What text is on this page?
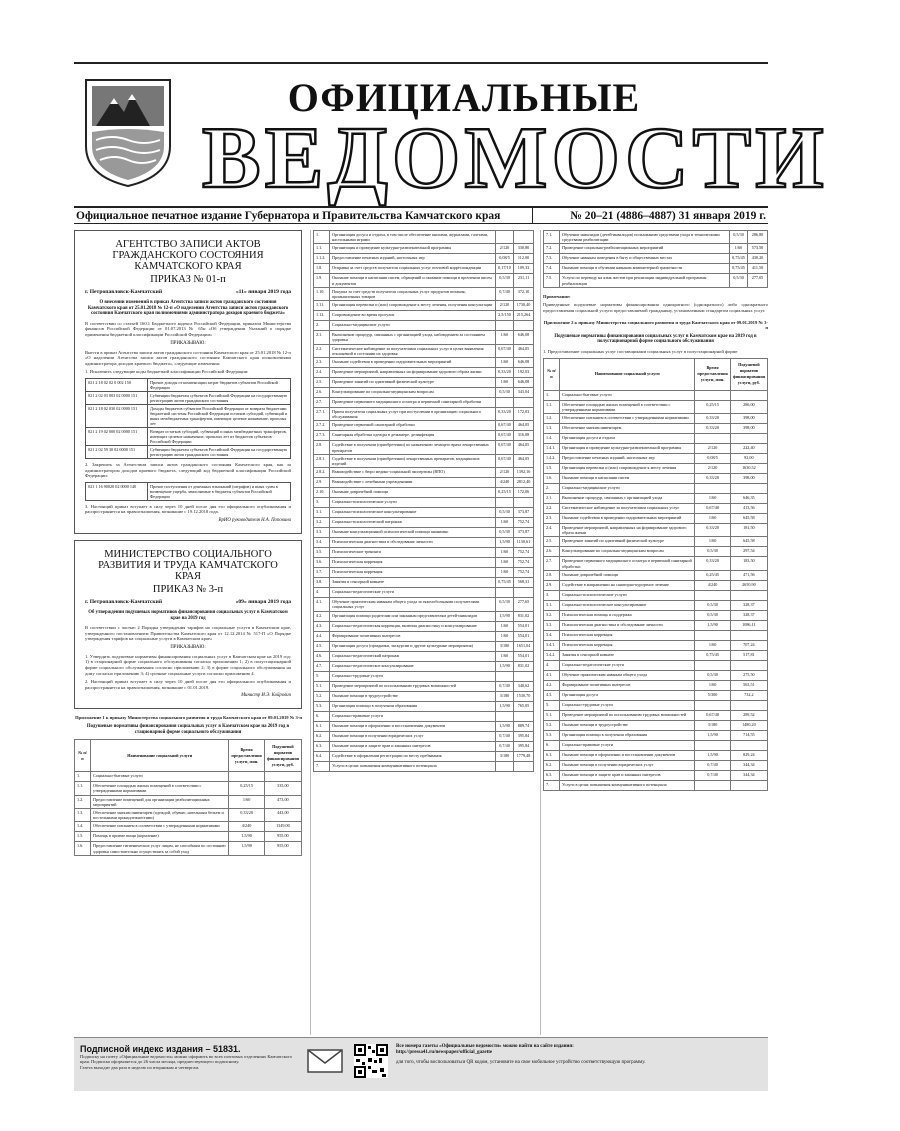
ОФИЦИАЛЬНЫЕ
ВЕДОМОСТИ
Официальное печатное издание Губернатора и Правительства Камчатского края	№ 20–21 (4886–4887) 31 января 2019 г.
АГЕНТСТВО ЗАПИСИ АКТОВ ГРАЖДАНСКОГО СОСТОЯНИЯ КАМЧАТСКОГО КРАЯ
ПРИКАЗ № 01-п
г. Петропавловск-Камчатский	«11» января 2019 года
О внесении изменений в приказ Агентства записи актов гражданского состояния Камчатского края от 25.01.2018 № 12-п «О наделении Агентства записи актов гражданского состояния Камчатского края полномочиями администратора доходов краевого бюджета»
В соответствии со статьей 160.1 Бюджетного кодекса Российской Федерации, приказом Министерства финансов Российской Федерации от 01.07.2013 № 65н «Об утверждении Указаний о порядке применения бюджетной классификации Российской Федерации»
ПРИКАЗЫВАЮ:
Внести в приказ Агентства записи актов гражданского состояния Камчатского края от 25.01.2018 № 12-п «О наделении Агентства записи актов гражданского состояния Камчатского края полномочиями администратора доходов краевого бюджета», следующие изменения:
1. Исключить следующие коды бюджетной классификации Российской Федерации:
021 2 18 02 02 0 002 150	Прочие доходы от компенсации затрат бюджетов субъектов Российской Федерации
021 2 02 03 003 02 0000 151	Субвенции бюджетам субъектов Российской Федерации на государственную регистрацию актов гражданского состояния
021 2 18 02 030 02 0000 151	Доходы бюджетов субъектов Российской Федерации от возврата бюджетами бюджетной системы Российской Федерации остатков субсидий, субвенций и иных межбюджетных трансфертов, имеющих целевое назначение, прошлых лет
021 2 19 02 000 02 0000 151	Возврат остатков субсидий, субвенций и иных межбюджетных трансфертов, имеющих целевое назначение, прошлых лет из бюджетов субъектов Российской Федерации
021 2 02 59 30 02 0000 151	Субвенции бюджетам субъектов Российской Федерации на государственную регистрацию актов гражданского состояния
2. Закрепить за Агентством записи актов гражданского состояния Камчатского края, как за администратором доходов краевого бюджета, следующий код бюджетной классификации Российской Федерации:
021 1 16 90020 02 0000 140	Прочие поступления от денежных взысканий (штрафов) и иных сумм в возмещение ущерба, зачисляемые в бюджеты субъектов Российской Федерации
3. Настоящий приказ вступает в силу через 10 дней после дня его официального опубликования и распространяется на правоотношения, возникшие с 19.12.2018 года.
ВрИО руководителя Н.А. Поповина
МИНИСТЕРСТВО СОЦИАЛЬНОГО РАЗВИТИЯ И ТРУДА КАМЧАТСКОГО КРАЯ
ПРИКАЗ № 3-п
г. Петропавловск-Камчатский	«09» января 2019 года
Об утверждении подушевых нормативов финансирования социальных услуг в Камчатском крае на 2019 год
В соответствии с частью 2 Порядка утверждения тарифов на социальные услуги в Камчатском крае, утвержденного постановлением Правительства Камчатского края от 12.12.2014 № 517-П «О Порядке утверждения тарифов на социальные услуги в Камчатском крае»
ПРИКАЗЫВАЮ:
1. Утвердить подушевые нормативы финансирования социальных услуг в Камчатском крае на 2019 год: 1) в стационарной форме социального обслуживания согласно приложению 1; 2) в полустационарной форме социального обслуживания согласно приложению 2; 3) в форме социального обслуживания на дому согласно приложению 3; 4) срочные социальные услуги согласно приложению 4.
2. Настоящий приказ вступает в силу через 10 дней после дня его официального опубликования и распространяется на правоотношения, возникшие с 01.01.2019.
Министр И.Э. Койрович
Приложение 1 к приказу Министерства социального развития и труда Камчатского края от 09.01.2019 № 3-п
Подушевые нормативы финансирования социальных услуг в Камчатском крае на 2019 год в стационарной форме социального обслуживания
№ п/п	Наименование социальной услуги	Время предоставления услуги, мин.	Подушевой норматив финансирования услуги, руб.
1.	Социально-бытовые услуги		
1.1.	Обеспечение площадью жилых помещений в соответствии с утвержденными нормативами	0,25/15	335,00
1.2.	Предоставление помещений для организации реабилитационных мероприятий	1/60	473,00
1.3.	Обеспечение мягким инвентарем (одеждой, обувью, нательным бельем и постельными принадлежностями)	0,33/20	443,00
1.4.	Обеспечение питанием в соответствии с утвержденными нормативами	4/240	1349,00
1.5.	Помощь в приеме пищи (кормление)	1,5/90	955,00
1.6.	Предоставление гигиенических услуг лицам, не способным по состоянию здоровья самостоятельно осуществлять за собой уход	1,5/90	955,00
1.	Организация досуга и отдыха, в том числе обеспечение книгами, журналами, газетами, настольными играми		
1.1.	Организация и проведение культурно-развлекательной программы	2/120	330,80
1.1.2.	Предоставление печатных изданий, настольных игр	0,08/5	112,00
1.8.	Отправка за счет средств получателя социальных услуг почтовой корреспонденции	0,17/10	109,33
1.9.	Оказание помощи в написании писем, обращений и оказание помощи в прочтении писем и документов	0,5/30	231,11
1.10.	Покупка за счет средств получателя социальных услуг продуктов питания, промышленных товаров	0,7/40	372,10
1.11.	Организация перевозки и (или) сопровождение к месту лечения, получения консультации	2/120	1730,40
1.12.	Сопровождение во время прогулок	2,5/150	215,264
2.	Социально-медицинские услуги		
2.1.	Выполнение процедур, связанных с организацией ухода, наблюдением за состоянием здоровья	1/60	646,08
2.2.	Систематическое наблюдение за получателями социальных услуг в целях выявления отклонений в состоянии их здоровья	0,67/40	464,05
2.3.	Оказание содействия в проведении оздоровительных мероприятий	1/60	646,08
2.4.	Проведение мероприятий, направленных на формирование здорового образа жизни	0,33/20	192,03
2.5.	Проведение занятий по адаптивной физической культуре	1/60	646,08
2.6.	Консультирование по социально-медицинским вопросам	0,5/30	343,04
2.7.	Проведение первичного медицинского осмотра и первичной санитарной обработки		
2.7.1.	Прием получателя социальных услуг при поступлении в организацию социального обслуживания	0,33/20	172,03
2.7.2.	Проведение первичной санитарной обработки	0,67/40	464,05
2.7.3.	Санитарная обработка одежды в дезкамере, дезинфекция	0,67/40	316,08
2.8.	Содействие в получении (приобретении) по назначению лечащего врача лекарственных препаратов	0,67/40	464,05
2.8.1.	Содействие в получении (приобретении) лекарственных препаратов, медицинских изделий	0,67/40	464,05
2.8.2.	Взаимодействие с бюро медико-социальной экспертизы (ВПО)	2/120	1392,16
2.9.	Взаимодействие с лечебными учреждениями	4/240	2812,40
2.10.	Оказание доврачебной помощи	0,25/15	172,06
3.	Социально-психологические услуги		
3.1.	Социально-психологическое консультирование	0,5/30	373,87
3.2.	Социально-психологический патронаж	1/60	752,74
3.3.	Оказание консультационной психологической помощи анонимно	0,5/30	373,87
3.4.	Психологическая диагностика и обследование личности	1,5/90	1130,61
3.5.	Психологические тренинги	1/60	752,74
3.6.	Психологическая коррекция	1/60	752,74
3.7.	Психологическая коррекция	1/60	752,74
3.8.	Занятия в сенсорной комнате	0,75/45	568,31
4.	Социально-педагогические услуги		
4.1.	Обучение практическим навыкам общего ухода за тяжелобольными получателями социальных услуг	0,5/30	277,65
4.2.	Организация помощи родителям или законным представителям детей-инвалидов	1,5/90	831,02
4.3.	Социально-педагогическая коррекция, включая диагностику и консультирование	1/60	554,01
4.4.	Формирование позитивных интересов	1/60	554,01
4.5.	Организация досуга (праздники, экскурсии и другие культурные мероприятия)	3/180	1651,04
4.6.	Социально-педагогический патронаж	1/60	554,01
4.7.	Социально-педагогическое консультирование	1,5/90	831,02
5.	Социально-трудовые услуги		
5.1.	Проведение мероприятий по использованию трудовых возможностей	0,7/40	340,62
5.2.	Оказание помощи в трудоустройстве	3/180	1530,70
5.3.	Организация помощи в получении образования	1,5/90	765,05
6.	Социально-правовые услуги		
6.1.	Оказание помощи в оформлении и восстановлении документов	1,5/90	889,74
6.2.	Оказание помощи в получении юридических услуг	0,7/40	395,84
6.3.	Оказание помощи в защите прав и законных интересов	0,7/40	395,84
6.4.	Содействие в оформлении регистрации по месту пребывания	3/180	1779,48
7.	Услуги в целях повышения коммуникативного потенциала		
7.1.	Обучение инвалидов (детей-инвалидов) пользованию средствами ухода и техническими средствами реабилитации	0,5/30	286,80
7.2.	Проведение социально-реабилитационных мероприятий	1/60	573,50
7.3.	Обучение навыкам поведения в быту и общественных местах	0,75/45	430,20
7.4.	Оказание помощи в обучении навыкам компьютерной грамотности	0,75/45	411,50
7.5.	Услуги по переводу на язык жестов при реализации индивидуальной программы реабилитации	0,5/30	277,05
Примечание:
Приведенные подушевые нормативы финансирования однократного (однократного) либо однократного предоставления социальной услуги предоставляемой гражданину, установленным стандартом социальных услуг.
Приложение 2 к приказу Министерства социального развития и труда Камчатского края от 09.01.2019 № 3-п
Подушевые нормативы финансирования социальных услуг в Камчатском крае на 2019 год в полустационарной форме социального обслуживания
1. Предоставление социальных услуг поставщиками социальных услуг в полустационарной форме
№ п/п	Наименование социальной услуги	Время предоставления услуги, мин.	Подушевой норматив финансирования услуги, руб.
1.	Социально-бытовые услуги		
1.1.	Обеспечение площадью жилых помещений в соответствии с утвержденными нормативами	0,25/15	286,00
1.2.	Обеспечение питанием в соответствии с утвержденными нормативами	0,33/20	398,00
1.3.	Обеспечение мягким инвентарем	0,33/20	398,00
1.4.	Организация досуга и отдыха		
1.4.1.	Организация и проведение культурно-развлекательной программы	2/120	222,40
1.4.2.	Предоставление печатных изданий, настольных игр	0,08/5	92,00
1.5.	Организация перевозки и (или) сопровождение к месту лечения	2/120	1630,52
1.6.	Оказание помощи в написании писем	0,33/20	398,00
2.	Социально-медицинские услуги		
2.1.	Выполнение процедур, связанных с организацией ухода	1/60	646,35
2.2.	Систематическое наблюдение за получателями социальных услуг	0,67/40	413,56
2.3.	Оказание содействия в проведении оздоровительных мероприятий	1/60	645,58
2.4.	Проведение мероприятий, направленных на формирование здорового образа жизни	0,33/20	181,50
2.5.	Проведение занятий по адаптивной физической культуре	1/60	645,58
2.6.	Консультирование по социально-медицинским вопросам	0,5/30	297,54
2.7.	Проведение первичного медицинского осмотра и первичной санитарной обработки	0,33/20	183,50
2.8.	Оказание доврачебной помощи	0,25/45	471,56
2.9.	Содействие в направлении на санаторно-курортное лечение	4/240	2650,90
3.	Социально-психологические услуги		
3.1.	Социально-психологическое консультирование	0,5/30	328,37
3.2.	Психологическая помощь и поддержка	0,5/30	328,37
3.3.	Психологическая диагностика и обследование личности	1,5/90	1086,11
3.4.	Психологическая коррекция		
3.4.1.	Психологическая коррекция	1/60	707,24
3.4.2.	Занятия в сенсорной комнате	0,75/45	517,81
4.	Социально-педагогические услуги		
4.1.	Обучение практическим навыкам общего ухода	0,5/30	275,50
4.2.	Формирование позитивных интересов	1/60	563,51
4.3.	Организация досуга	5/300	732,2
5.	Социально-трудовые услуги		
5.1.	Проведение мероприятий по использованию трудовых возможностей	0,67/40	289,52
5.2.	Оказание помощи в трудоустройстве	3/180	1480,20
5.3.	Организация помощи в получении образования	1,5/90	714,55
6.	Социально-правовые услуги		
6.1.	Оказание помощи в оформлении и восстановлении документов	1,5/90	829,24
6.2.	Оказание помощи в получении юридических услуг	0,7/40	344,34
6.3.	Оказание помощи в защите прав и законных интересов	0,7/40	344,34
7.	Услуги в целях повышения коммуникативного потенциала		
Подписной индекс издания – 51831.
Подписку на газету «Официальные ведомости» можно оформить во всех почтовых отделениях Камчатского края. Подписка оформляется до 26 числа месяца, предшествующего подписному.
Газета выходит два раза в неделю по вторникам и четвергам.
Все номера газеты «Официальные ведомости» можно найти на сайте издания:
http://pressa41.ru/newspaper/official_gazette
для того, чтобы воспользоваться QR кодом, установите на свое мобильное устройство соответствующую программу.
